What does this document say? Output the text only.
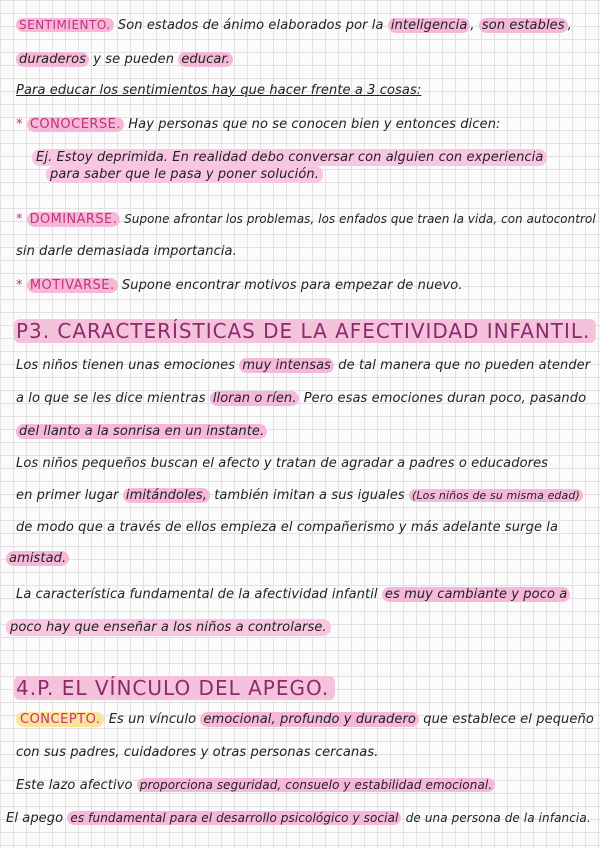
SENTIMIENTO. Son estados de ánimo elaborados por la inteligencia , son estables ,
duraderos y se pueden educar.
Para educar los sentimientos hay que hacer frente a 3 cosas:
* CONOCERSE. Hay personas que no se conocen bien y entonces dicen:
Ej. Estoy deprimida. En realidad debo conversar con alguien con experiencia
para saber que le pasa y poner solución.
* DOMINARSE. Supone afrontar los problemas, los enfados que traen la vida, con autocontrol
sin darle demasiada importancia.
* MOTIVARSE. Supone encontrar motivos para empezar de nuevo.
P3. CARACTERÍSTICAS DE LA AFECTIVIDAD INFANTIL.
Los niños tienen unas emociones muy intensas de tal manera que no pueden atender
a lo que se les dice mientras lloran o ríen. Pero esas emociones duran poco, pasando
del llanto a la sonrisa en un instante.
Los niños pequeños buscan el afecto y tratan de agradar a padres o educadores
en primer lugar imitándoles, también imitan a sus iguales (Los niños de su misma edad)
de modo que a través de ellos empieza el compañerismo y más adelante surge la
amistad.
La característica fundamental de la afectividad infantil es muy cambiante y poco a
poco hay que enseñar a los niños a controlarse.
4.P. EL VÍNCULO DEL APEGO.
CONCEPTO. Es un vínculo emocional, profundo y duradero que establece el pequeño
con sus padres, cuidadores y otras personas cercanas.
Este lazo afectivo proporciona seguridad, consuelo y estabilidad emocional.
El apego es fundamental para el desarrollo psicológico y social de una persona de la infancia.
